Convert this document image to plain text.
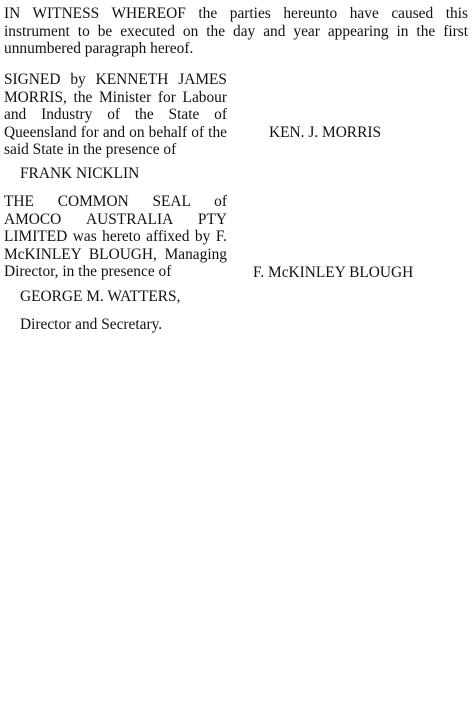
IN WITNESS WHEREOF the parties hereunto have caused this instrument to be executed on the day and year appearing in the first unnumbered paragraph hereof.

SIGNED by KENNETH JAMES MORRIS, the Minister for Labour and Industry of the State of Queensland for and on behalf of the said State in the presence of

KEN. J. MORRIS

FRANK NICKLIN

THE COMMON SEAL of AMOCO AUSTRALIA PTY LIMITED was hereto affixed by F. McKINLEY BLOUGH, Managing Director, in the presence of	F. McKINLEY BLOUGH

GEORGE M. WATTERS,

Director and Secretary.
